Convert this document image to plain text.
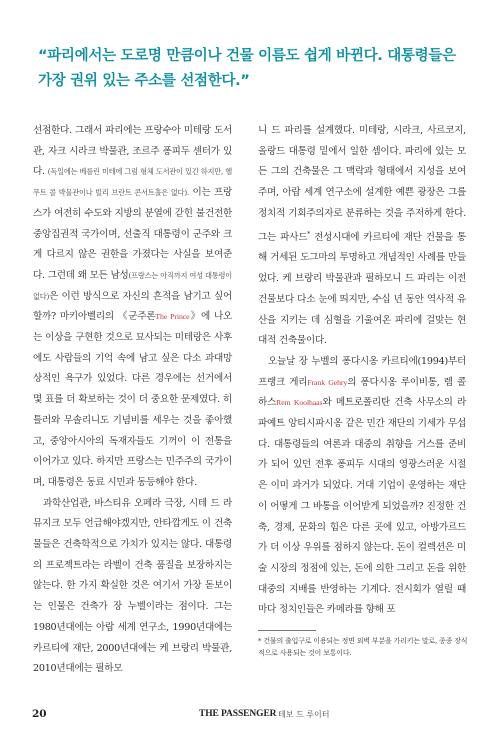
“파리에서는 도로명 만큼이나 건물 이름도 쉽게 바뀐다. 대통령들은 가장 권위 있는 주소를 선점한다.”

선점한다. 그래서 파리에는 프랑수아 미테랑 도서관, 자크 시라크 박물관, 조르주 퐁피두 센터가 있다. (독일에는 베를린 미테에 그럼 형체 도서관이 있긴 하지만, 헬무트 콜 박물관이나 빌리 브란트 콘서트홀은 없다). 이는 프랑스가 여전히 수도와 지방의 분열에 갇힌 불건전한 중앙집권적 국가이며, 선출직 대통령이 군주와 크게 다르지 않은 권한을 가졌다는 사실을 보여준다. 그런데 왜 모든 남성(프랑스는 아직까지 여성 대통령이 없다)은 이런 방식으로 자신의 흔적을 남기고 싶어 할까? 마키아벨리의 《군주론The Prince》에 나오는 이상을 구현한 것으로 묘사되는 미테랑은 사후에도 사람들의 기억 속에 남고 싶은 다소 과대망상적인 욕구가 있었다. 다른 경우에는 선거에서 몇 표를 더 확보하는 것이 더 중요한 문제였다. 히틀러와 무솔리니도 기념비를 세우는 것을 좋아했고, 중앙아시아의 독재자들도 기꺼이 이 전통을 이어가고 있다. 하지만 프랑스는 민주주의 국가이며, 대통령은 동료 시민과 동등해야 한다.

과학산업관, 바스티유 오페라 극장, 시테 드 라 뮤지크 모두 언급해야겠지만, 안타깝게도 이 건축물들은 건축학적으로 가치가 있지는 않다. 대통령의 프로젝트라는 라벨이 건축 품질을 보장하지는 않는다. 한 가지 확실한 것은 여기서 가장 돋보이는 인물은 건축가 장 누벨이라는 점이다. 그는 1980년대에는 아랍 세계 연구소, 1990년대에는 카르티에 재단, 2000년대에는 케 브랑리 박물관, 2010년대에는 필하모

니 드 파리를 설계했다. 미테랑, 시라크, 사르코지, 올랑드 대통령 밑에서 일한 셈이다. 파리에 있는 모든 그의 건축물은 그 맥락과 형태에서 지성을 보여주며, 아랍 세계 연구소에 설계한 예쁜 광장은 그를 정치적 기회주의자로 분류하는 것을 주저하게 한다. 그는 파사드* 전성시대에 카르티에 재단 건물을 통해 거세된 도그마의 투명하고 개념적인 사례를 만들었다. 케 브랑리 박물관과 필하모니 드 파리는 이전 건물보다 다소 눈에 띄지만, 수십 년 동안 역사적 유산을 지키는 데 심혈을 기울여온 파리에 걸맞는 현대적 건축물이다.

오늘날 장 누벨의 퐁다시옹 카르티에(1994)부터 프랭크 게리Frank Gehry의 퐁다시옹 루이비통, 렘 콜하스Rem Koolhaas와 메트로폴리탄 건축 사무소의 라파예트 앙티시파시옹 같은 민간 재단의 기세가 무섭다. 대통령들의 여론과 대중의 취향을 거스를 준비가 되어 있던 전후 퐁피두 시대의 영광스러운 시절은 이미 과거가 되었다. 거대 기업이 운영하는 재단이 어떻게 그 바통을 이어받게 되었을까? 진정한 건축, 경제, 문화의 힘은 다른 곳에 있고, 아방가르드가 더 이상 우위를 점하지 않는다. 돈이 컬렉션은 미술 시장의 정점에 있는, 돈에 의한 그리고 돈을 위한 대중의 지배를 반영하는 기계다. 전시회가 열릴 때마다 정치인들은 카메라를 향해 포

* 건물의 출입구로 이용되는 정면 외벽 부분을 가리키는 말로, 종종 장식적으로 사용되는 것이 보통이다.
20	THE PASSENGER 테보 드 루이터
